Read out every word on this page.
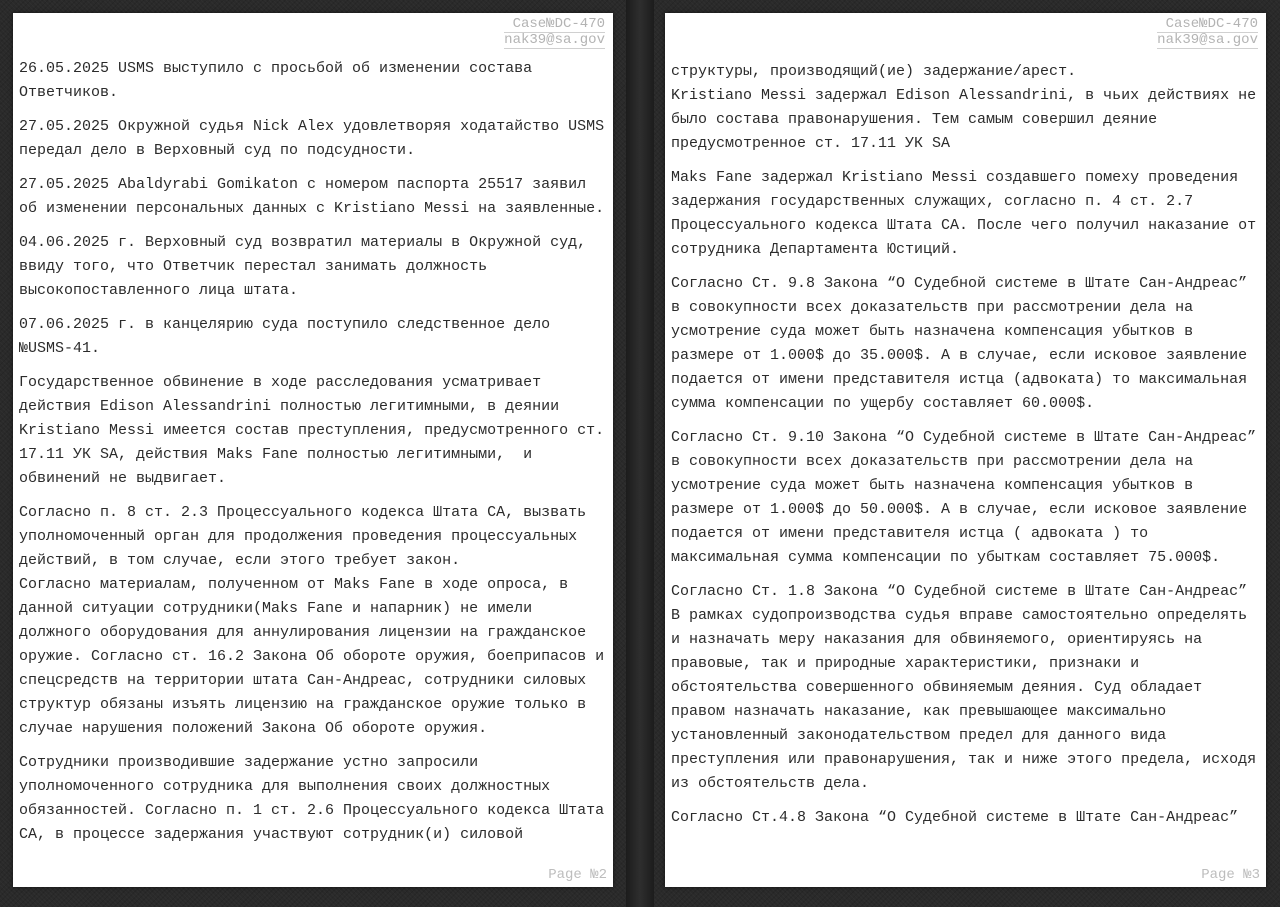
Case№DC-470
nak39@sa.gov

26.05.2025 USMS выступило с просьбой об изменении состава Ответчиков.

27.05.2025 Окружной судья Nick Alex удовлетворяя ходатайство USMS передал дело в Верховный суд по подсудности.

27.05.2025 Abaldyrabi Gomikaton с номером паспорта 25517 заявил об изменении персональных данных с Kristiano Messi на заявленные.

04.06.2025 г. Верховный суд возвратил материалы в Окружной суд, ввиду того, что Ответчик перестал занимать должность высокопоставленного лица штата.

07.06.2025 г. в канцелярию суда поступило следственное дело №USMS-41.

Государственное обвинение в ходе расследования усматривает действия Edison Alessandrini полностью легитимными, в деянии Kristiano Messi имеется состав преступления, предусмотренного ст. 17.11 УК SA, действия Maks Fane полностью легитимными,  и обвинений не выдвигает.

Согласно п. 8 ст. 2.3 Процессуального кодекса Штата СА, вызвать уполномоченный орган для продолжения проведения процессуальных действий, в том случае, если этого требует закон.
Согласно материалам, полученном от Maks Fane в ходе опроса, в данной ситуации сотрудники(Maks Fane и напарник) не имели должного оборудования для аннулирования лицензии на гражданское оружие. Согласно ст. 16.2 Закона Об обороте оружия, боеприпасов и спецсредств на территории штата Сан-Андреас, сотрудники силовых структур обязаны изъять лицензию на гражданское оружие только в случае нарушения положений Закона Об обороте оружия.

Сотрудники производившие задержание устно запросили уполномоченного сотрудника для выполнения своих должностных обязанностей. Согласно п. 1 ст. 2.6 Процессуального кодекса Штата СА, в процессе задержания участвуют сотрудник(и) силовой

Page №2
Case№DC-470
nak39@sa.gov

структуры, производящий(ие) задержание/арест.
Kristiano Messi задержал Edison Alessandrini, в чьих действиях не было состава правонарушения. Тем самым совершил деяние предусмотренное ст. 17.11 УК SA

Maks Fane задержал Kristiano Messi создавшего помеху проведения задержания государственных служащих, согласно п. 4 ст. 2.7 Процессуального кодекса Штата СА. После чего получил наказание от сотрудника Департамента Юстиций.

Согласно Ст. 9.8 Закона “О Судебной системе в Штате Сан-Андреас” в совокупности всех доказательств при рассмотрении дела на усмотрение суда может быть назначена компенсация убытков в размере от 1.000$ до 35.000$. А в случае, если исковое заявление подается от имени представителя истца (адвоката) то максимальная сумма компенсации по ущербу составляет 60.000$.

Согласно Ст. 9.10 Закона “О Судебной системе в Штате Сан-Андреас” в совокупности всех доказательств при рассмотрении дела на усмотрение суда может быть назначена компенсация убытков в размере от 1.000$ до 50.000$. А в случае, если исковое заявление подается от имени представителя истца ( адвоката ) то максимальная сумма компенсации по убыткам составляет 75.000$.

Согласно Ст. 1.8 Закона “О Судебной системе в Штате Сан-Андреас” В рамках судопроизводства судья вправе самостоятельно определять и назначать меру наказания для обвиняемого, ориентируясь на правовые, так и природные характеристики, признаки и обстоятельства совершенного обвиняемым деяния. Суд обладает правом назначать наказание, как превышающее максимально установленный законодательством предел для данного вида преступления или правонарушения, так и ниже этого предела, исходя из обстоятельств дела.

Согласно Ст.4.8 Закона “О Судебной системе в Штате Сан-Андреас”

Page №3
